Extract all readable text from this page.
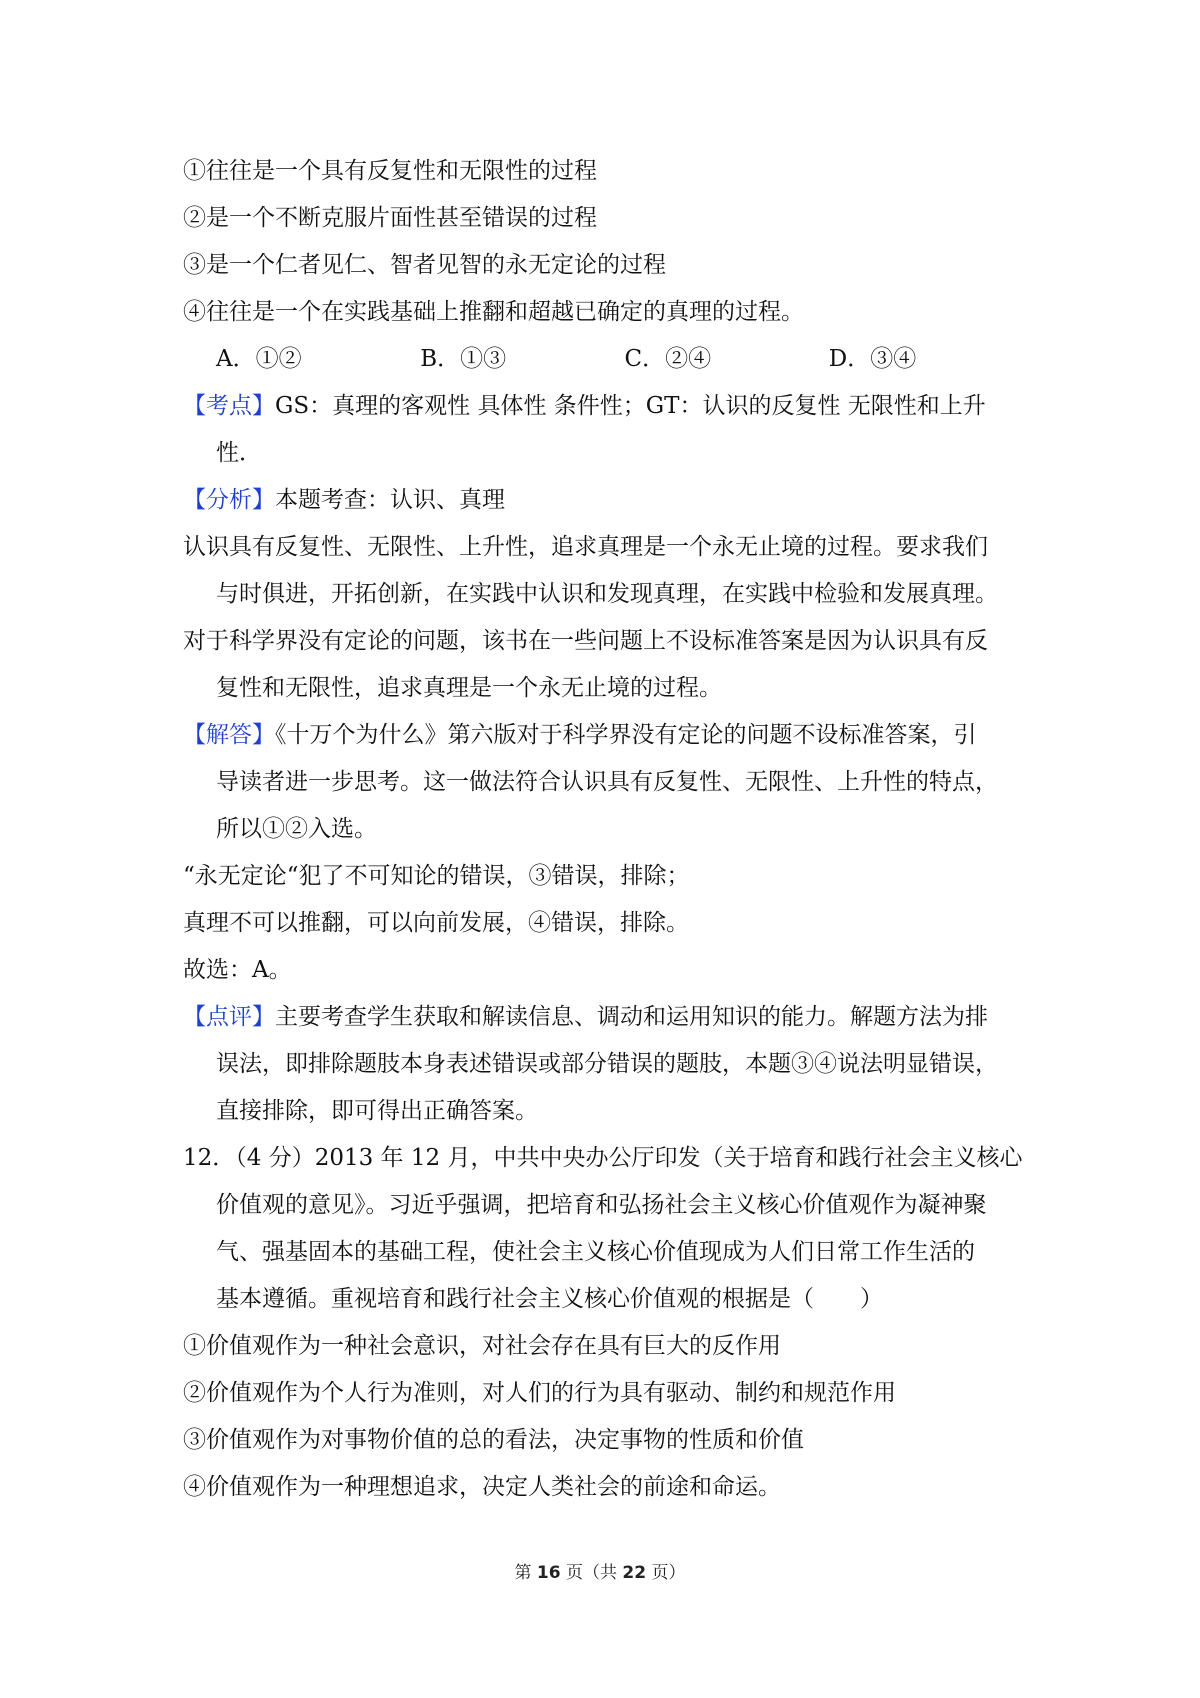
①往往是一个具有反复性和无限性的过程
②是一个不断克服片面性甚至错误的过程
③是一个仁者见仁、智者见智的永无定论的过程
④往往是一个在实践基础上推翻和超越已确定的真理的过程。
A．①②	B．①③	C．②④	D．③④
【考点】GS：真理的客观性 具体性 条件性；GT：认识的反复性 无限性和上升
性．
【分析】本题考查：认识、真理
认识具有反复性、无限性、上升性，追求真理是一个永无止境的过程。要求我们
与时俱进，开拓创新，在实践中认识和发现真理，在实践中检验和发展真理。
对于科学界没有定论的问题，该书在一些问题上不设标准答案是因为认识具有反
复性和无限性，追求真理是一个永无止境的过程。
【解答】《十万个为什么》第六版对于科学界没有定论的问题不设标准答案，引
导读者进一步思考。这一做法符合认识具有反复性、无限性、上升性的特点，
所以①②入选。
“永无定论“犯了不可知论的错误，③错误，排除；
真理不可以推翻，可以向前发展，④错误，排除。
故选：A。
【点评】主要考查学生获取和解读信息、调动和运用知识的能力。解题方法为排
误法，即排除题肢本身表述错误或部分错误的题肢，本题③④说法明显错误，
直接排除，即可得出正确答案。
12．（4 分）2013 年 12 月，中共中央办公厅印发（关于培育和践行社会主义核心
价值观的意见》。习近乎强调，把培育和弘扬社会主义核心价值观作为凝神聚
气、强基固本的基础工程，使社会主义核心价值现成为人们日常工作生活的
基本遵循。重视培育和践行社会主义核心价值观的根据是（　　）
①价值观作为一种社会意识，对社会存在具有巨大的反作用
②价值观作为个人行为准则，对人们的行为具有驱动、制约和规范作用
③价值观作为对事物价值的总的看法，决定事物的性质和价值
④价值观作为一种理想追求，决定人类社会的前途和命运。
第 16 页（共 22 页）
